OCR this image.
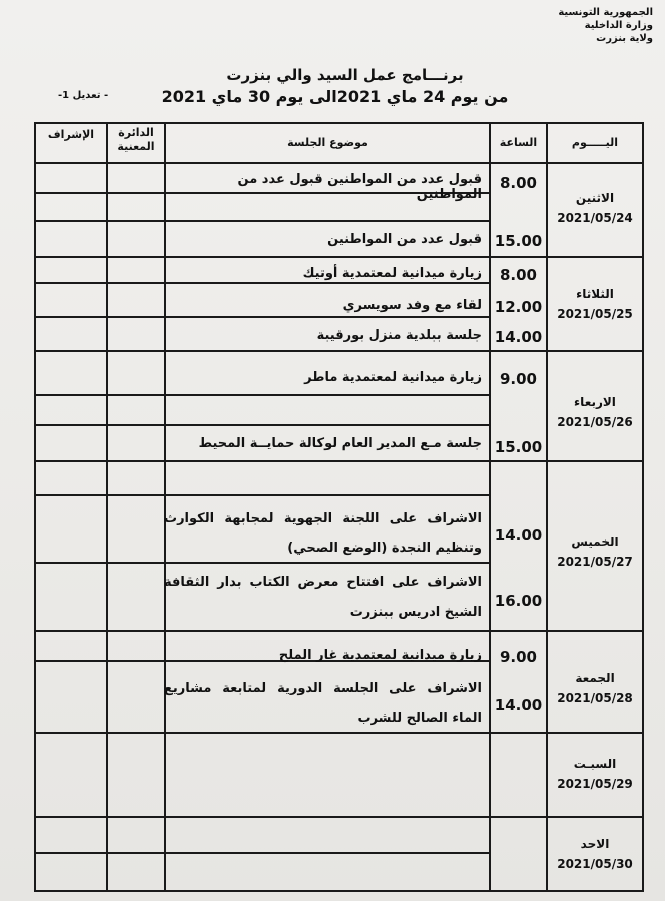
الجمهورية التونسية
وزارة الداخلية
ولاية بنزرت
برنـــامج عمل السيد والي بنزرت
من يوم 24 ماي 2021الى يوم 30 ماي 2021
- تعديل 1-
اليـــــوم
الساعة
موضوع الجلسة
الدائرة
المعنية
الإشراف
الاثنين
2021/05/24
8.00
قبول عدد من المواطنين قبول عدد من المواطنين
15.00
قبول عدد من المواطنين
الثلاثاء
2021/05/25
8.00
زيارة ميدانية لمعتمدية أوتيك
12.00
لقاء مع وفد سويسري
14.00
جلسة ببلدية منزل بورقيبة
الاربعاء
2021/05/26
9.00
زيارة ميدانية لمعتمدية ماطر
15.00
جلسة مـع المدير العام لوكالة حمايــة المحيط
الخميس
2021/05/27
14.00
الاشراف على اللجنة الجهوية لمجابهة الكوارث وتنظيم النجدة (الوضع الصحي)
16.00
الاشراف على افتتاح معرض الكتاب بدار الثقافة الشيخ ادريس ببنزرت
الجمعة
2021/05/28
9.00
زيارة ميدانية لمعتمدية غار الملح
14.00
الاشراف على الجلسة الدورية لمتابعة مشاريع الماء الصالح للشرب
السبـت
2021/05/29
الاحد
2021/05/30
